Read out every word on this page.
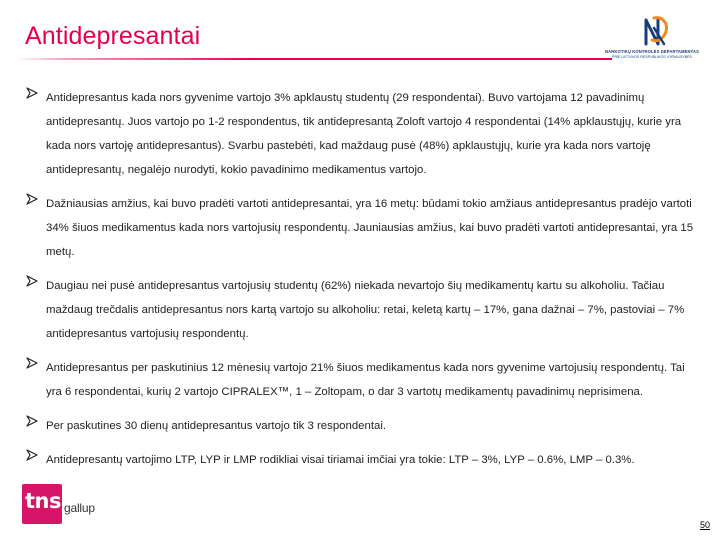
Antidepresantai
NARKOTIKŲ KONTROLĖS DEPARTAMENTAS
PRIE LIETUVOS RESPUBLIKOS VYRIAUSYBĖS
Antidepresantus kada nors gyvenime vartojo 3% apklaustų studentų (29 respondentai). Buvo vartojama 12 pavadinimų antidepresantų. Juos vartojo po 1-2 respondentus, tik antidepresantą Zoloft vartojo 4 respondentai (14% apklaustųjų, kurie yra kada nors vartoję antidepresantus). Svarbu pastebėti, kad maždaug pusė (48%) apklaustųjų, kurie yra kada nors vartoję antidepresantų, negalėjo nurodyti, kokio pavadinimo medikamentus vartojo.
Dažniausias amžius, kai buvo pradėti vartoti antidepresantai, yra 16 metų: būdami tokio amžiaus antidepresantus pradėjo vartoti 34% šiuos medikamentus kada nors vartojusių respondentų. Jauniausias amžius, kai buvo pradėti vartoti antidepresantai, yra 15 metų.
Daugiau nei pusė antidepresantus vartojusių studentų (62%) niekada nevartojo šių medikamentų kartu su alkoholiu. Tačiau maždaug trečdalis antidepresantus nors kartą vartojo su alkoholiu: retai, keletą kartų – 17%, gana dažnai – 7%, pastoviai – 7% antidepresantus vartojusių respondentų.
Antidepresantus per paskutinius 12 mėnesių vartojo 21% šiuos medikamentus kada nors gyvenime vartojusių respondentų. Tai yra 6 respondentai, kurių 2 vartojo CIPRALEX™, 1 – Zoltopam, o dar 3 vartotų medikamentų pavadinimų neprisimena.
Per paskutines 30 dienų antidepresantus vartojo tik 3 respondentai.
Antidepresantų vartojimo LTP, LYP ir LMP rodikliai visai tiriamai imčiai yra tokie: LTP – 3%, LYP – 0.6%, LMP – 0.3%.
tns gallup
50
